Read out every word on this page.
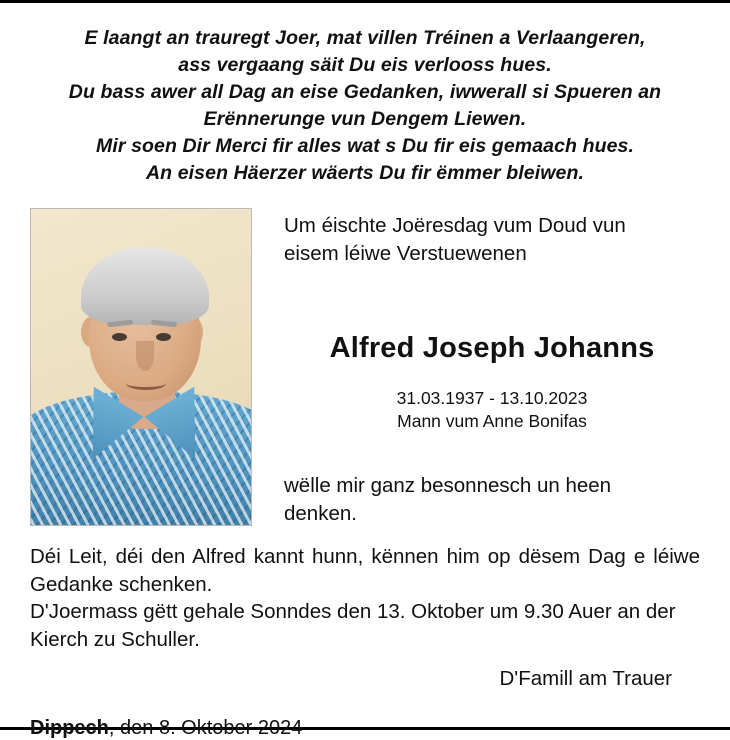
E laangt an trauregt Joer, mat villen Tréinen a Verlaangeren,
ass vergaang säit Du eis verlooss hues.
Du bass awer all Dag an eise Gedanken, iwwerall si Spueren an
Erënnerunge vun Dengem Liewen.
Mir soen Dir Merci fir alles wat s Du fir eis gemaach hues.
An eisen Häerzer wäerts Du fir ëmmer bleiwen.
Um éischte Joëresdag vum Doud vun
eisem léiwe Verstuewenen
Alfred Joseph Johanns
31.03.1937 - 13.10.2023
Mann vum Anne Bonifas
wëlle mir ganz besonnesch un heen
denken.

Déi Leit, déi den Alfred kannt hunn, kënnen him op dësem Dag e léiwe Gedanke schenken.

D'Joermass gëtt gehale Sonndes den 13. Oktober um 9.30 Auer an der Kierch zu Schuller.

D'Famill am Trauer
Dippech, den 8. Oktober 2024
